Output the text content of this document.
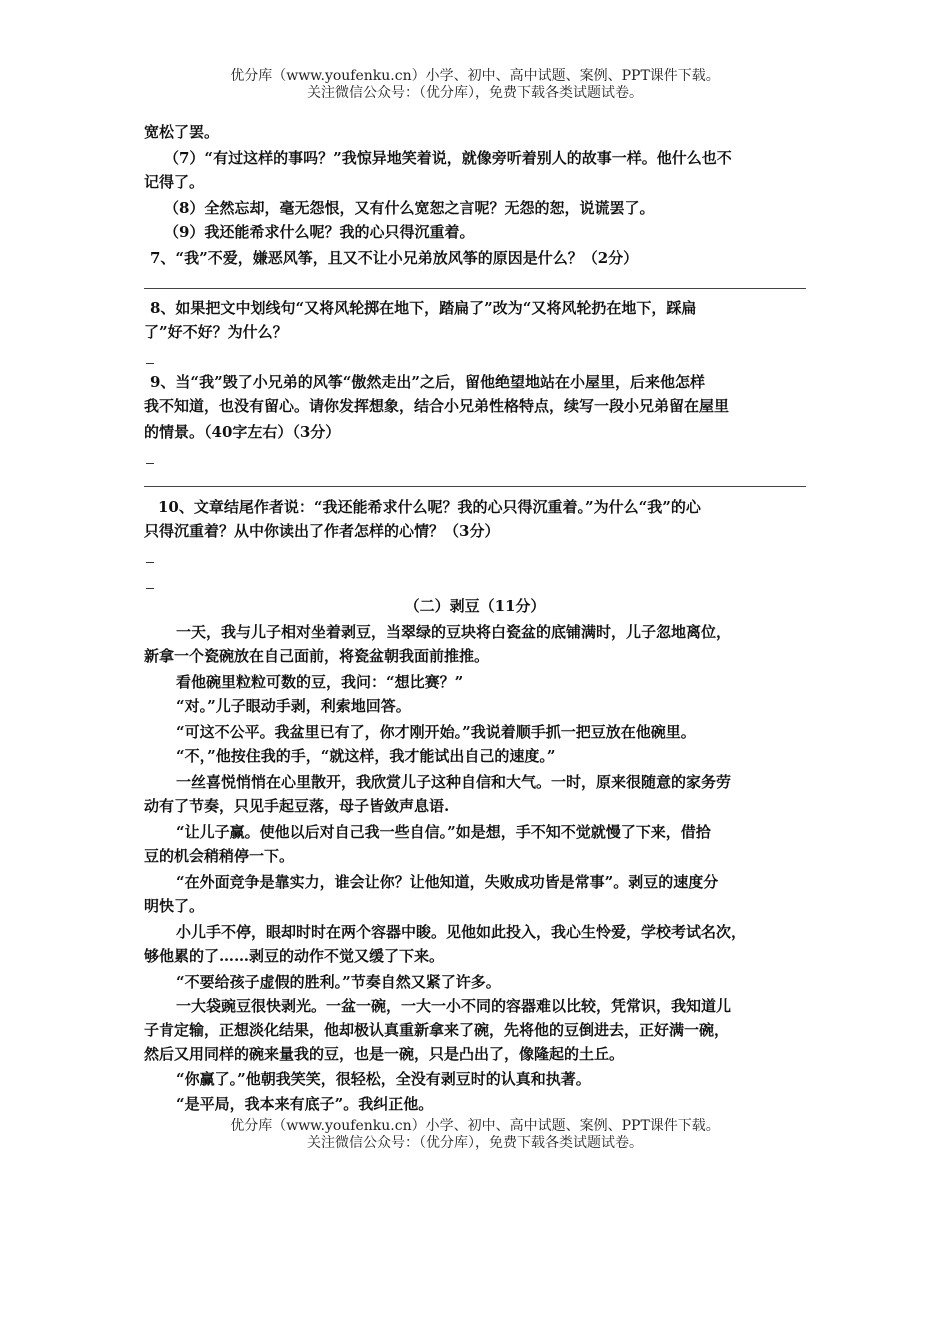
优分库（www.youfenku.cn）小学、初中、高中试题、案例、PPT课件下载。
关注微信公众号：（优分库），免费下载各类试题试卷。
宽松了罢。
（7）“有过这样的事吗？”我惊异地笑着说，就像旁听着别人的故事一样。他什么也不
记得了。
（8）全然忘却，毫无怨恨，又有什么宽恕之言呢？无怨的恕，说谎罢了。
（9）我还能希求什么呢？我的心只得沉重着。
7、“我”不爱，嫌恶风筝，且又不让小兄弟放风筝的原因是什么？（2分）
8、如果把文中划线句“又将风轮掷在地下，踏扁了”改为“又将风轮扔在地下，踩扁
了”好不好？为什么？
9、当“我”毁了小兄弟的风筝“傲然走出”之后，留他绝望地站在小屋里，后来他怎样
我不知道，也没有留心。请你发挥想象，结合小兄弟性格特点，续写一段小兄弟留在屋里
的情景。（40字左右）（3分）
10、文章结尾作者说：“我还能希求什么呢？我的心只得沉重着。”为什么“我”的心
只得沉重着？从中你读出了作者怎样的心情？（3分）
（二）剥豆（11分）
一天，我与儿子相对坐着剥豆，当翠绿的豆块将白瓷盆的底铺满时，儿子忽地离位，
新拿一个瓷碗放在自己面前，将瓷盆朝我面前推推。
看他碗里粒粒可数的豆，我问：“想比赛？”
“对。”儿子眼动手剥，利索地回答。
“可这不公平。我盆里已有了，你才刚开始。”我说着顺手抓一把豆放在他碗里。
“不，”他按住我的手，“就这样，我才能试出自己的速度。”
一丝喜悦悄悄在心里散开，我欣赏儿子这种自信和大气。一时，原来很随意的家务劳
动有了节奏，只见手起豆落，母子皆敛声息语.
“让儿子赢。使他以后对自己我一些自信。”如是想，手不知不觉就慢了下来，借拾
豆的机会稍稍停一下。
“在外面竞争是靠实力，谁会让你？让他知道，失败成功皆是常事”。剥豆的速度分
明快了。
小儿手不停，眼却时时在两个容器中睃。见他如此投入，我心生怜爱，学校考试名次，
够他累的了……剥豆的动作不觉又缓了下来。
“不要给孩子虚假的胜利。”节奏自然又紧了许多。
一大袋豌豆很快剥光。一盆一碗，一大一小不同的容器难以比较，凭常识，我知道儿
子肯定输，正想淡化结果，他却极认真重新拿来了碗，先将他的豆倒进去，正好满一碗，
然后又用同样的碗来量我的豆，也是一碗，只是凸出了，像隆起的土丘。
“你赢了。”他朝我笑笑，很轻松，全没有剥豆时的认真和执著。
“是平局，我本来有底子”。我纠正他。
优分库（www.youfenku.cn）小学、初中、高中试题、案例、PPT课件下载。
关注微信公众号：（优分库），免费下载各类试题试卷。
